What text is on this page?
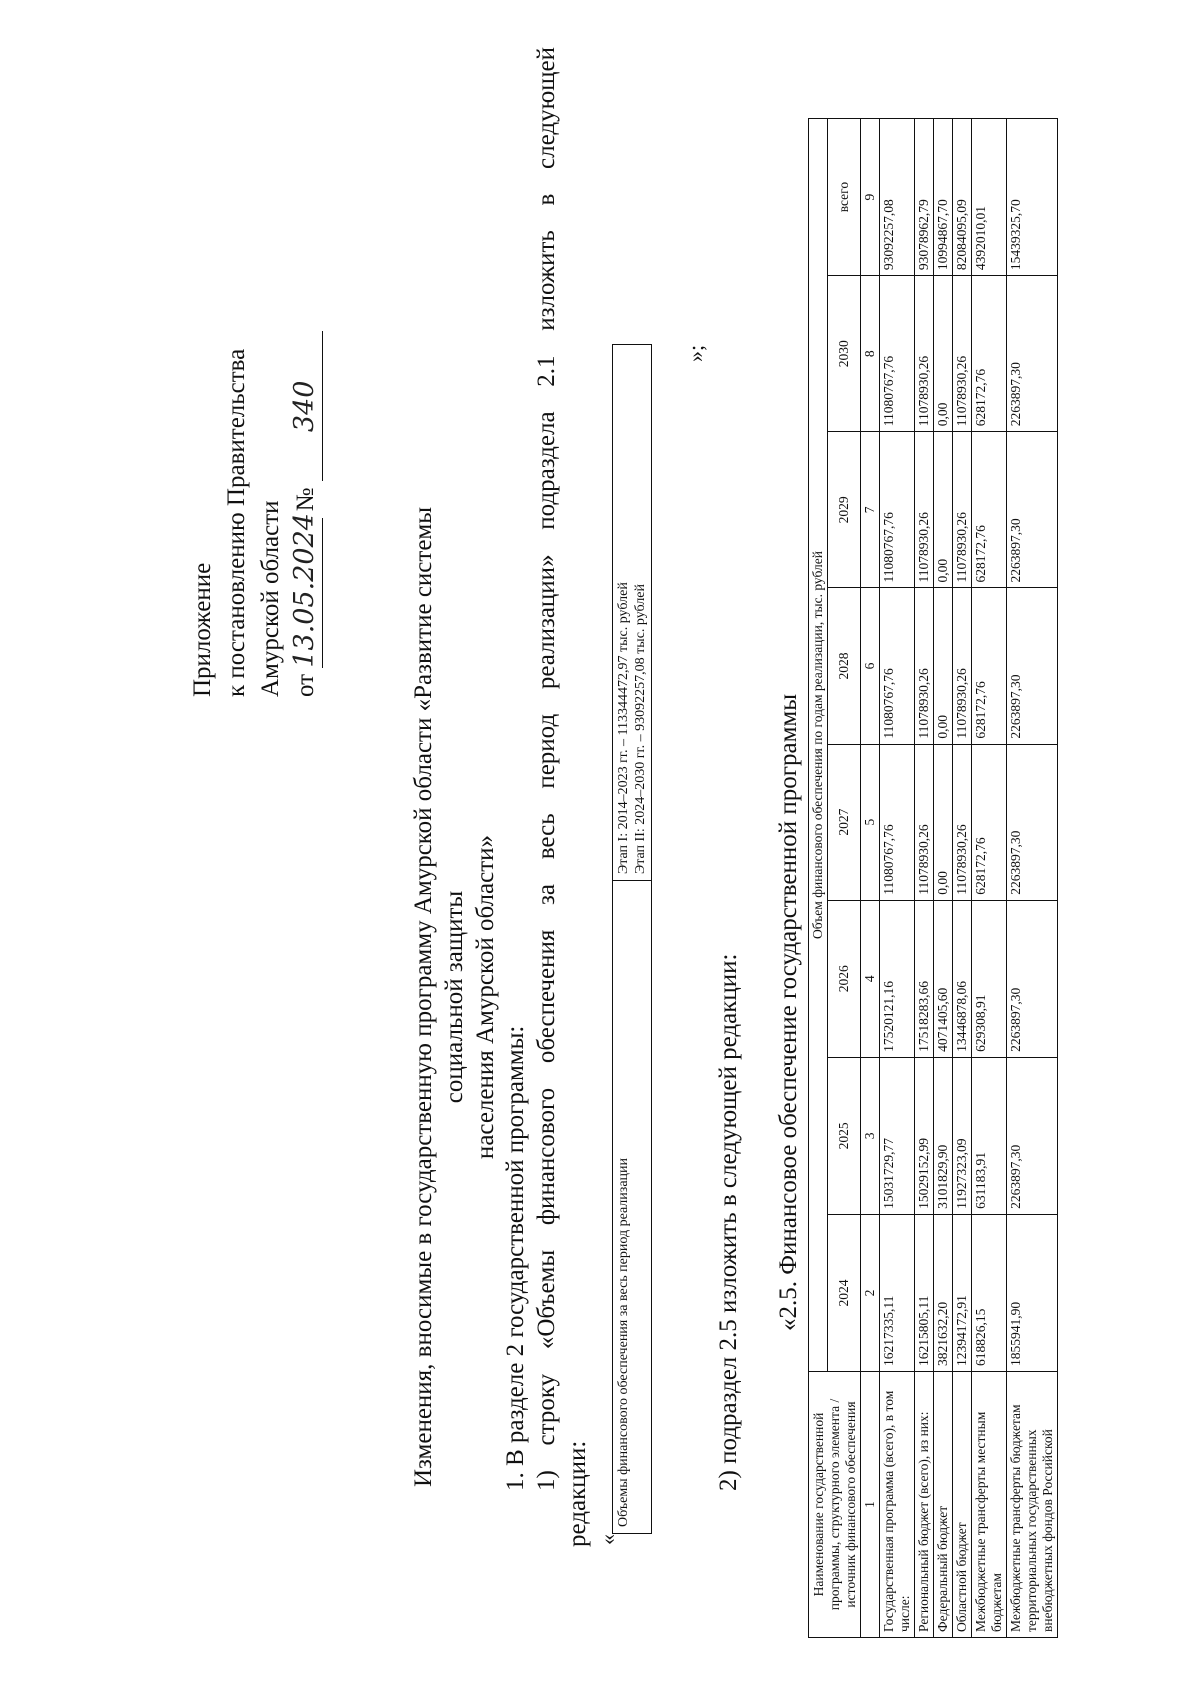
Приложение к постановлению Правительства Амурской области от 13.05.2024 № 340
Изменения, вносимые в государственную программу Амурской области «Развитие системы социальной защиты населения Амурской области»
1. В разделе 2 государственной программы: 1) строку «Объемы финансового обеспечения за весь период реализации» подраздела 2.1 изложить в следующей
редакции: «
Объемы финансового обеспечения за весь период реализации	
Этап I: 2014–2023 гг. – 113344472,97 тыс. рублей Этап II: 2024–2030 гг. – 93092257,08 тыс. рублей
»;
2) подраздел 2.5 изложить в следующей редакции: «2.5. Финансовое обеспечение государственной программы
Наименование государственной программы, структурного элемента / источник финансового обеспечения	Объем финансового обеспечения по годам реализации, тыс. рублей							
	2024	2025	2026	2027	2028	2029	2030	всего
1	2	3	4	5	6	7	8	9
Государственная программа (всего), в том числе:	16217335,11	15031729,77	17520121,16	11080767,76	11080767,76	11080767,76	11080767,76	93092257,08
Региональный бюджет (всего), из них:	16215805,11	15029152,99	17518283,66	11078930,26	11078930,26	11078930,26	11078930,26	93078962,79
Федеральный бюджет	3821632,20	3101829,90	4071405,60	0,00	0,00	0,00	0,00	10994867,70
Областной бюджет	12394172,91	11927323,09	13446878,06	11078930,26	11078930,26	11078930,26	11078930,26	82084095,09
Межбюджетные трансферты местным бюджетам	618826,15	631183,91	629308,91	628172,76	628172,76	628172,76	628172,76	4392010,01
Межбюджетные трансферты бюджетам территориальных государственных внебюджетных фондов Российской	1855941,90	2263897,30	2263897,30	2263897,30	2263897,30	2263897,30	2263897,30	15439325,70
